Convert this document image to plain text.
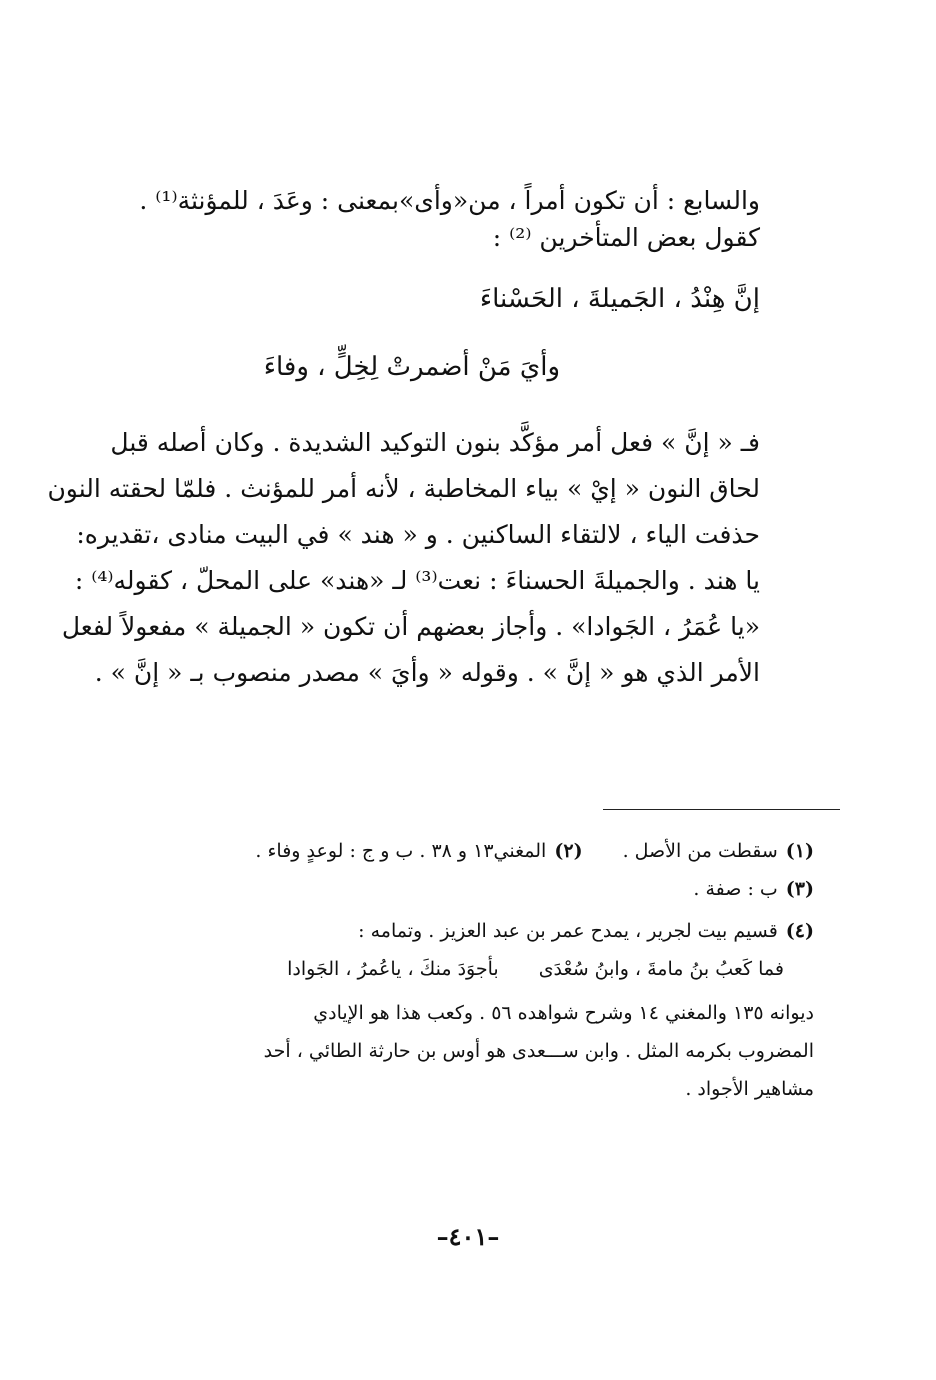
والسابع : أن تكون أمراً ، من«وأى»بمعنى : وعَدَ ، للمؤنثة⁽¹⁾ .
كقول بعض المتأخرين ⁽²⁾ :
إنَّ هِنْدُ ، الجَميلةَ ، الحَسْناءَ
وأيَ مَنْ أضمرتْ لِخِلٍّ ، وفاءَ
فـ « إنَّ » فعل أمر مؤكَّد بنون التوكيد الشديدة . وكان أصله قبل
لحاق النون « إيْ » بياء المخاطبة ، لأنه أمر للمؤنث . فلمّا لحقته النون
حذفت الياء ، لالتقاء الساكنين . و « هند » في البيت منادى ،تقديره:
يا هند . والجميلةَ الحسناءَ : نعت⁽³⁾ لـ «هند» على المحلّ ، كقوله⁽⁴⁾ :
«يا عُمَرُ ، الجَوادا» . وأجاز بعضهم أن تكون « الجميلة » مفعولاً لفعل
الأمر الذي هو « إنَّ » . وقوله « وأيَ » مصدر منصوب بـ « إنَّ » .
(١)سقطت من الأصل .
(٢)المغني١٣ و ٣٨ . ب و ج : لوعدٍ وفاء .
(٣)ب : صفة .
(٤)قسيم بيت لجرير ، يمدح عمر بن عبد العزيز . وتمامه :
فما كَعبُ بنُ مامةَ ، وابنُ سُعْدَى
بأجوَدَ منكَ ، ياعُمرُ ، الجَوادا
ديوانه ١٣٥ والمغني ١٤ وشرح شواهده ٥٦ . وكعب هذا هو الإيادي
المضروب بكرمه المثل . وابن ســـعدى هو أوس بن حارثة الطائي ، أحد
مشاهير الأجواد .
–٤٠١–
